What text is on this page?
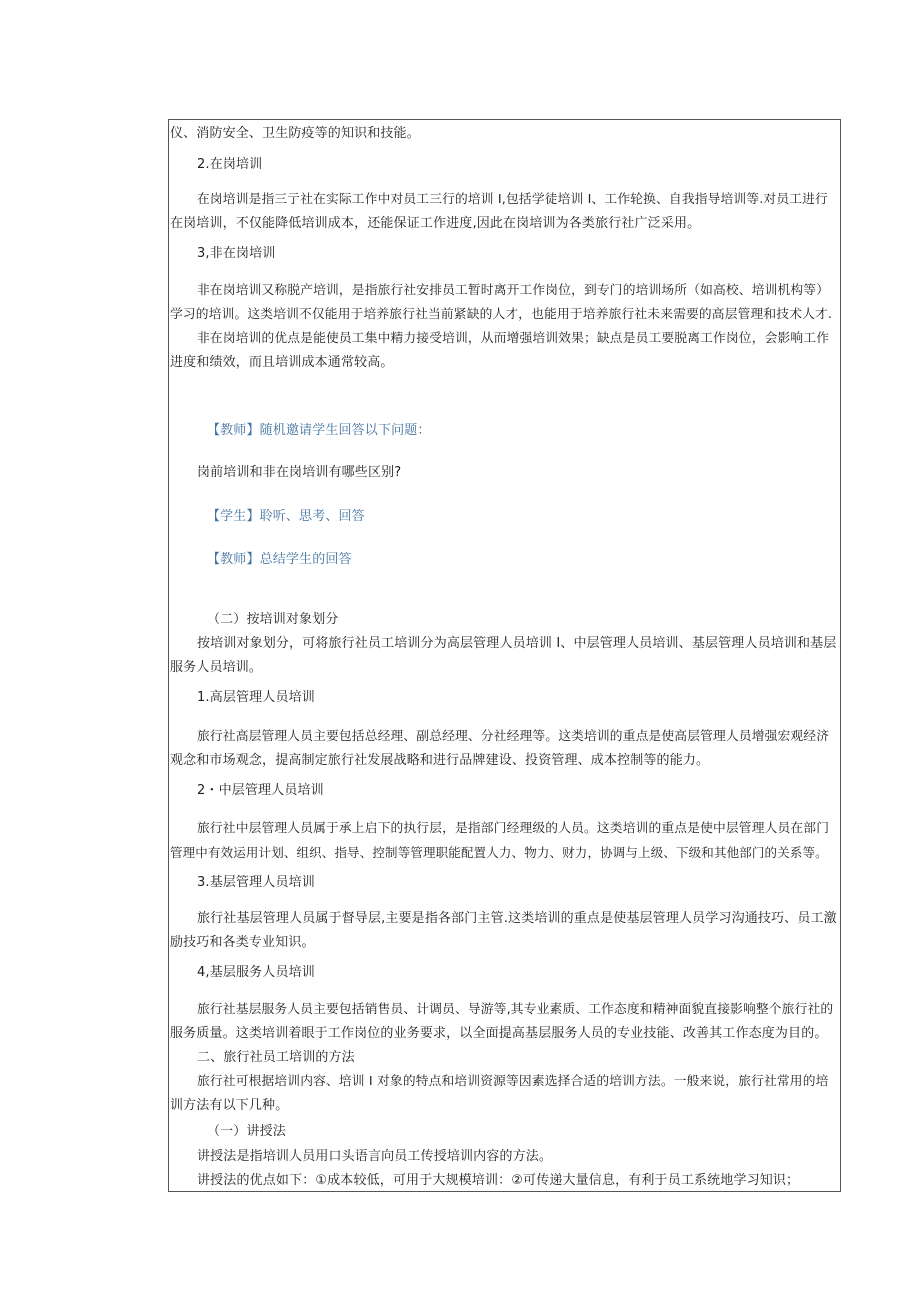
仪、消防安全、卫生防疫等的知识和技能。
2.在岗培训
在岗培训是指三亍社在实际工作中对员工三行的培训 I,包括学徒培训 I、工作轮换、自我指导培训等.对员工进行
在岗培训，不仅能降低培训成本，还能保证工作进度,因此在岗培训为各类旅行社广泛采用。
3,非在岗培训
非在岗培训又称脱产培训，是指旅行社安排员工暂时离开工作岗位，到专门的培训场所（如高校、培训机构等）
学习的培训。这类培训不仅能用于培养旅行社当前紧缺的人才，也能用于培养旅行社未来需要的高层管理和技术人才.
非在岗培训的优点是能使员工集中精力接受培训，从而增强培训效果；缺点是员工要脱离工作岗位，会影响工作
进度和绩效，而且培训成本通常较高。
【教师】随机邀请学生回答以下问题：
岗前培训和非在岗培训有哪些区别?
【学生】聆听、思考、回答
【教师】总结学生的回答
（二）按培训对象划分
按培训对象划分，可将旅行社员工培训分为高层管理人员培训 I、中层管理人员培训、基层管理人员培训和基层
服务人员培训。
1.高层管理人员培训
旅行社高层管理人员主要包括总经理、副总经理、分社经理等。这类培训的重点是使高层管理人员增强宏观经济
观念和市场观念，提高制定旅行社发展战略和进行品牌建设、投资管理、成本控制等的能力。
2・中层管理人员培训
旅行社中层管理人员属于承上启下的执行层，是指部门经理级的人员。这类培训的重点是使中层管理人员在部门
管理中有效运用计划、组织、指导、控制等管理职能配置人力、物力、财力，协调与上级、下级和其他部门的关系等。
3.基层管理人员培训
旅行社基层管理人员属于督导层,主要是指各部门主管.这类培训的重点是使基层管理人员学习沟通技巧、员工激
励技巧和各类专业知识。
4,基层服务人员培训
旅行社基层服务人员主要包括销售员、计调员、导游等,其专业素质、工作态度和精神面貌直接影响整个旅行社的
服务质量。这类培训着眼于工作岗位的业务要求，以全面提高基层服务人员的专业技能、改善其工作态度为目的。
二、旅行社员工培训的方法
旅行社可根据培训内容、培训 I 对象的特点和培训资源等因素选择合适的培训方法。一般来说，旅行社常用的培
训方法有以下几种。
（一）讲授法
讲授法是指培训人员用口头语言向员工传授培训内容的方法。
讲授法的优点如下：①成本较低，可用于大规模培训：②可传递大量信息，有利于员工系统地学习知识；
